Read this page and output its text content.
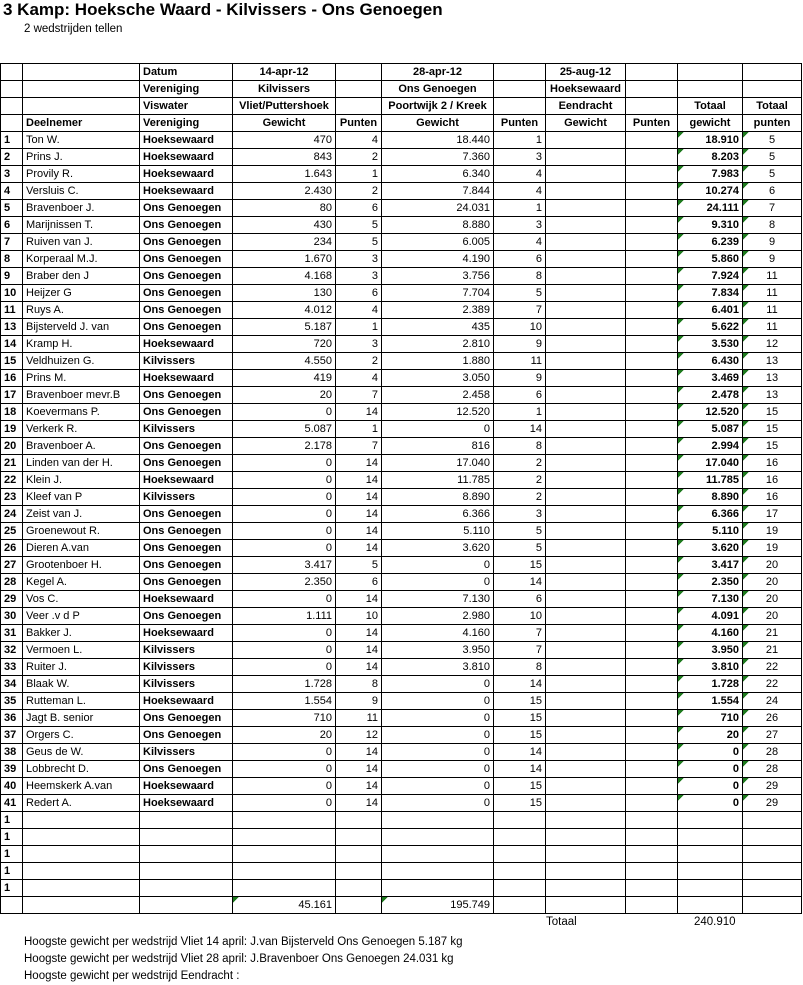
3 Kamp: Hoeksche Waard - Kilvissers - Ons Genoegen
2 wedstrijden tellen
		Datum	14-apr-12		28-apr-12		25-aug-12			
		Vereniging	Kilvissers		Ons Genoegen		Hoeksewaard			
		Viswater	Vliet/Puttershoek		Poortwijk 2 / Kreek		Eendracht		Totaal	Totaal
	Deelnemer	Vereniging	Gewicht	Punten	Gewicht	Punten	Gewicht	Punten	gewicht	punten
1	Ton W.	Hoeksewaard	470	4	18.440	1			18.910	5
2	Prins J.	Hoeksewaard	843	2	7.360	3			8.203	5
3	Provily R.	Hoeksewaard	1.643	1	6.340	4			7.983	5
4	Versluis C.	Hoeksewaard	2.430	2	7.844	4			10.274	6
5	Bravenboer J.	Ons Genoegen	80	6	24.031	1			24.111	7
6	Marijnissen T.	Ons Genoegen	430	5	8.880	3			9.310	8
7	Ruiven van J.	Ons Genoegen	234	5	6.005	4			6.239	9
8	Korperaal M.J.	Ons Genoegen	1.670	3	4.190	6			5.860	9
9	Braber den J	Ons Genoegen	4.168	3	3.756	8			7.924	11
10	Heijzer G	Ons Genoegen	130	6	7.704	5			7.834	11
11	Ruys A.	Ons Genoegen	4.012	4	2.389	7			6.401	11
13	Bijsterveld J. van	Ons Genoegen	5.187	1	435	10			5.622	11
14	Kramp H.	Hoeksewaard	720	3	2.810	9			3.530	12
15	Veldhuizen G.	Kilvissers	4.550	2	1.880	11			6.430	13
16	Prins M.	Hoeksewaard	419	4	3.050	9			3.469	13
17	Bravenboer mevr.B	Ons Genoegen	20	7	2.458	6			2.478	13
18	Koevermans P.	Ons Genoegen	0	14	12.520	1			12.520	15
19	Verkerk R.	Kilvissers	5.087	1	0	14			5.087	15
20	Bravenboer A.	Ons Genoegen	2.178	7	816	8			2.994	15
21	Linden van der H.	Ons Genoegen	0	14	17.040	2			17.040	16
22	Klein J.	Hoeksewaard	0	14	11.785	2			11.785	16
23	Kleef van P	Kilvissers	0	14	8.890	2			8.890	16
24	Zeist van J.	Ons Genoegen	0	14	6.366	3			6.366	17
25	Groenewout R.	Ons Genoegen	0	14	5.110	5			5.110	19
26	Dieren A.van	Ons Genoegen	0	14	3.620	5			3.620	19
27	Grootenboer H.	Ons Genoegen	3.417	5	0	15			3.417	20
28	Kegel A.	Ons Genoegen	2.350	6	0	14			2.350	20
29	Vos C.	Hoeksewaard	0	14	7.130	6			7.130	20
30	Veer .v d P	Ons Genoegen	1.111	10	2.980	10			4.091	20
31	Bakker J.	Hoeksewaard	0	14	4.160	7			4.160	21
32	Vermoen L.	Kilvissers	0	14	3.950	7			3.950	21
33	Ruiter J.	Kilvissers	0	14	3.810	8			3.810	22
34	Blaak W.	Kilvissers	1.728	8	0	14			1.728	22
35	Rutteman L.	Hoeksewaard	1.554	9	0	15			1.554	24
36	Jagt B. senior	Ons Genoegen	710	11	0	15			710	26
37	Orgers C.	Ons Genoegen	20	12	0	15			20	27
38	Geus de W.	Kilvissers	0	14	0	14			0	28
39	Lobbrecht D.	Ons Genoegen	0	14	0	14			0	28
40	Heemskerk A.van	Hoeksewaard	0	14	0	15			0	29
41	Redert A.	Hoeksewaard	0	14	0	15			0	29
1										
1										
1										
1										
1										
			45.161		195.749					
Totaal	240.910
Hoogste gewicht per wedstrijd Vliet 14 april: J.van Bijsterveld Ons Genoegen 5.187 kg
Hoogste gewicht per wedstrijd Vliet 28 april: J.Bravenboer Ons Genoegen 24.031 kg
Hoogste gewicht per wedstrijd Eendracht :
